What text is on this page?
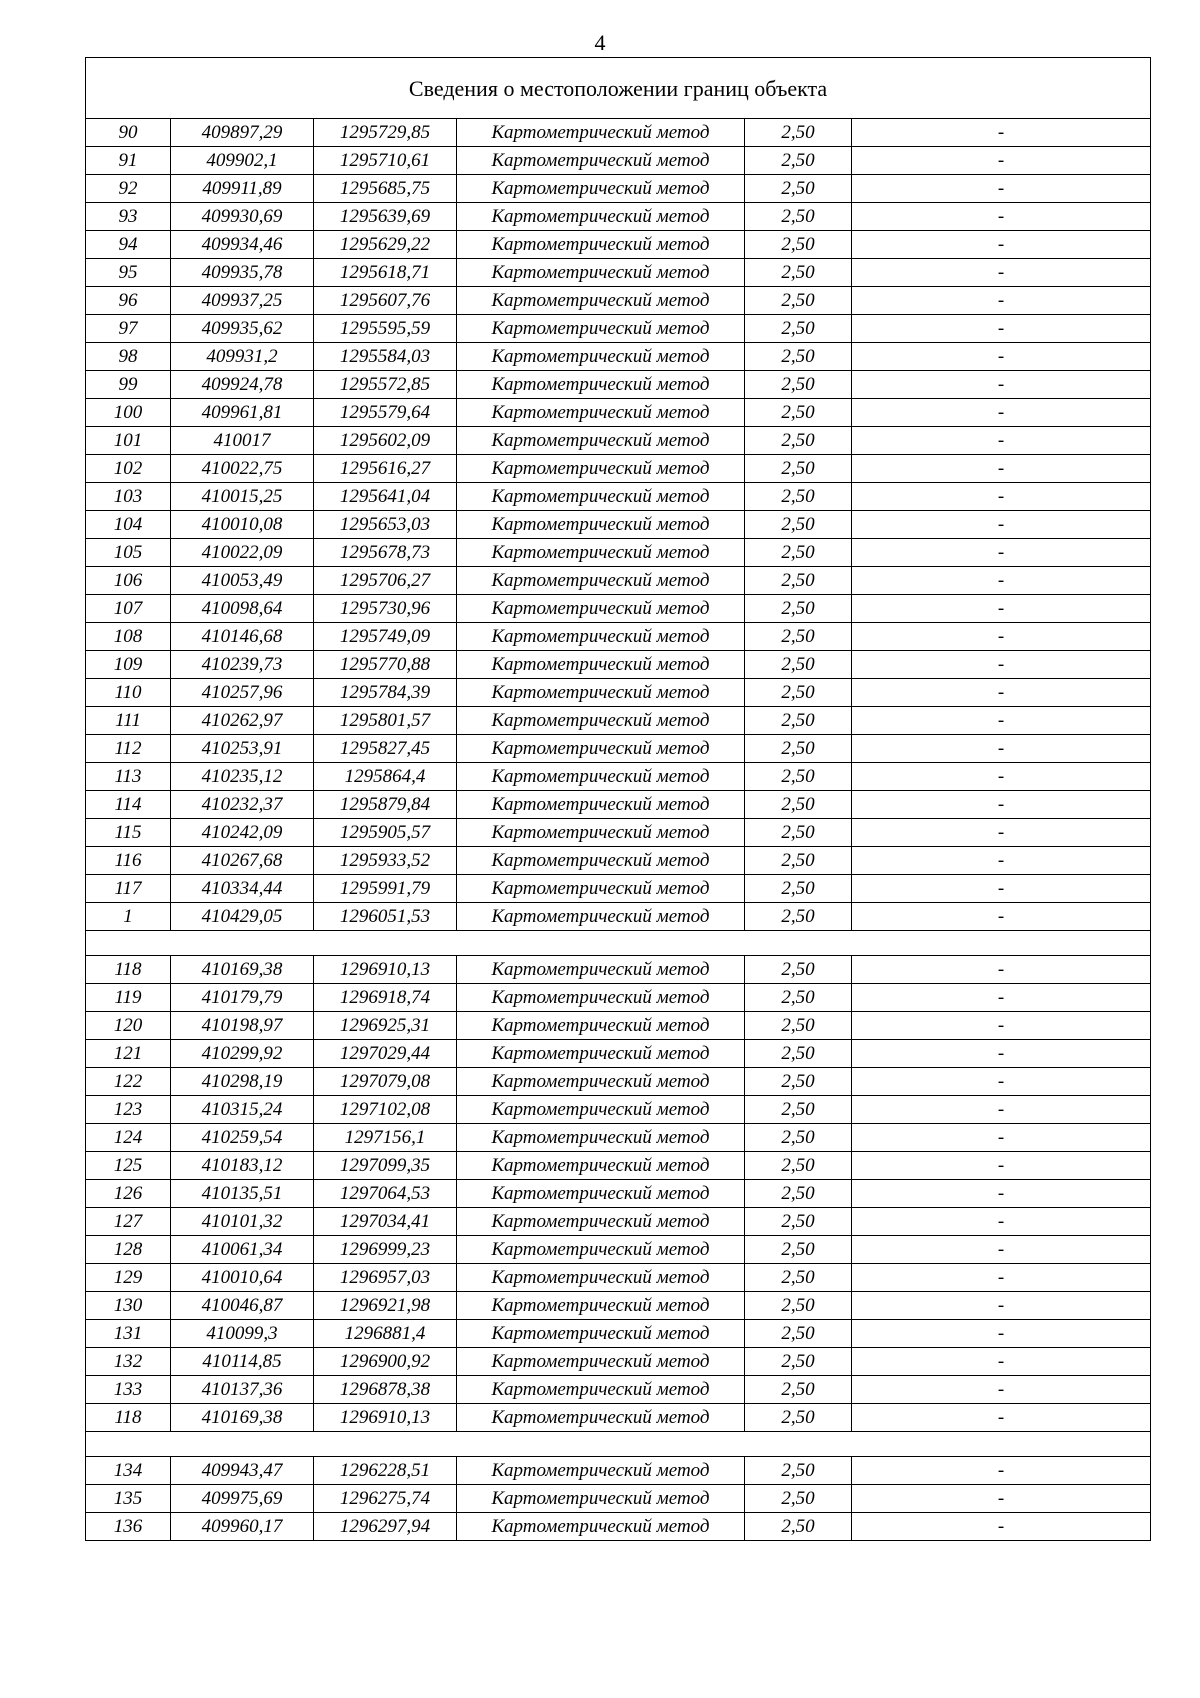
4
Сведения о местоположении границ объекта					
90	409897,29	1295729,85	Картометрический метод	2,50	-
91	409902,1	1295710,61	Картометрический метод	2,50	-
92	409911,89	1295685,75	Картометрический метод	2,50	-
93	409930,69	1295639,69	Картометрический метод	2,50	-
94	409934,46	1295629,22	Картометрический метод	2,50	-
95	409935,78	1295618,71	Картометрический метод	2,50	-
96	409937,25	1295607,76	Картометрический метод	2,50	-
97	409935,62	1295595,59	Картометрический метод	2,50	-
98	409931,2	1295584,03	Картометрический метод	2,50	-
99	409924,78	1295572,85	Картометрический метод	2,50	-
100	409961,81	1295579,64	Картометрический метод	2,50	-
101	410017	1295602,09	Картометрический метод	2,50	-
102	410022,75	1295616,27	Картометрический метод	2,50	-
103	410015,25	1295641,04	Картометрический метод	2,50	-
104	410010,08	1295653,03	Картометрический метод	2,50	-
105	410022,09	1295678,73	Картометрический метод	2,50	-
106	410053,49	1295706,27	Картометрический метод	2,50	-
107	410098,64	1295730,96	Картометрический метод	2,50	-
108	410146,68	1295749,09	Картометрический метод	2,50	-
109	410239,73	1295770,88	Картометрический метод	2,50	-
110	410257,96	1295784,39	Картометрический метод	2,50	-
111	410262,97	1295801,57	Картометрический метод	2,50	-
112	410253,91	1295827,45	Картометрический метод	2,50	-
113	410235,12	1295864,4	Картометрический метод	2,50	-
114	410232,37	1295879,84	Картометрический метод	2,50	-
115	410242,09	1295905,57	Картометрический метод	2,50	-
116	410267,68	1295933,52	Картометрический метод	2,50	-
117	410334,44	1295991,79	Картометрический метод	2,50	-
1	410429,05	1296051,53	Картометрический метод	2,50	-

118	410169,38	1296910,13	Картометрический метод	2,50	-
119	410179,79	1296918,74	Картометрический метод	2,50	-
120	410198,97	1296925,31	Картометрический метод	2,50	-
121	410299,92	1297029,44	Картометрический метод	2,50	-
122	410298,19	1297079,08	Картометрический метод	2,50	-
123	410315,24	1297102,08	Картометрический метод	2,50	-
124	410259,54	1297156,1	Картометрический метод	2,50	-
125	410183,12	1297099,35	Картометрический метод	2,50	-
126	410135,51	1297064,53	Картометрический метод	2,50	-
127	410101,32	1297034,41	Картометрический метод	2,50	-
128	410061,34	1296999,23	Картометрический метод	2,50	-
129	410010,64	1296957,03	Картометрический метод	2,50	-
130	410046,87	1296921,98	Картометрический метод	2,50	-
131	410099,3	1296881,4	Картометрический метод	2,50	-
132	410114,85	1296900,92	Картометрический метод	2,50	-
133	410137,36	1296878,38	Картометрический метод	2,50	-
118	410169,38	1296910,13	Картометрический метод	2,50	-

134	409943,47	1296228,51	Картометрический метод	2,50	-
135	409975,69	1296275,74	Картометрический метод	2,50	-
136	409960,17	1296297,94	Картометрический метод	2,50	-
